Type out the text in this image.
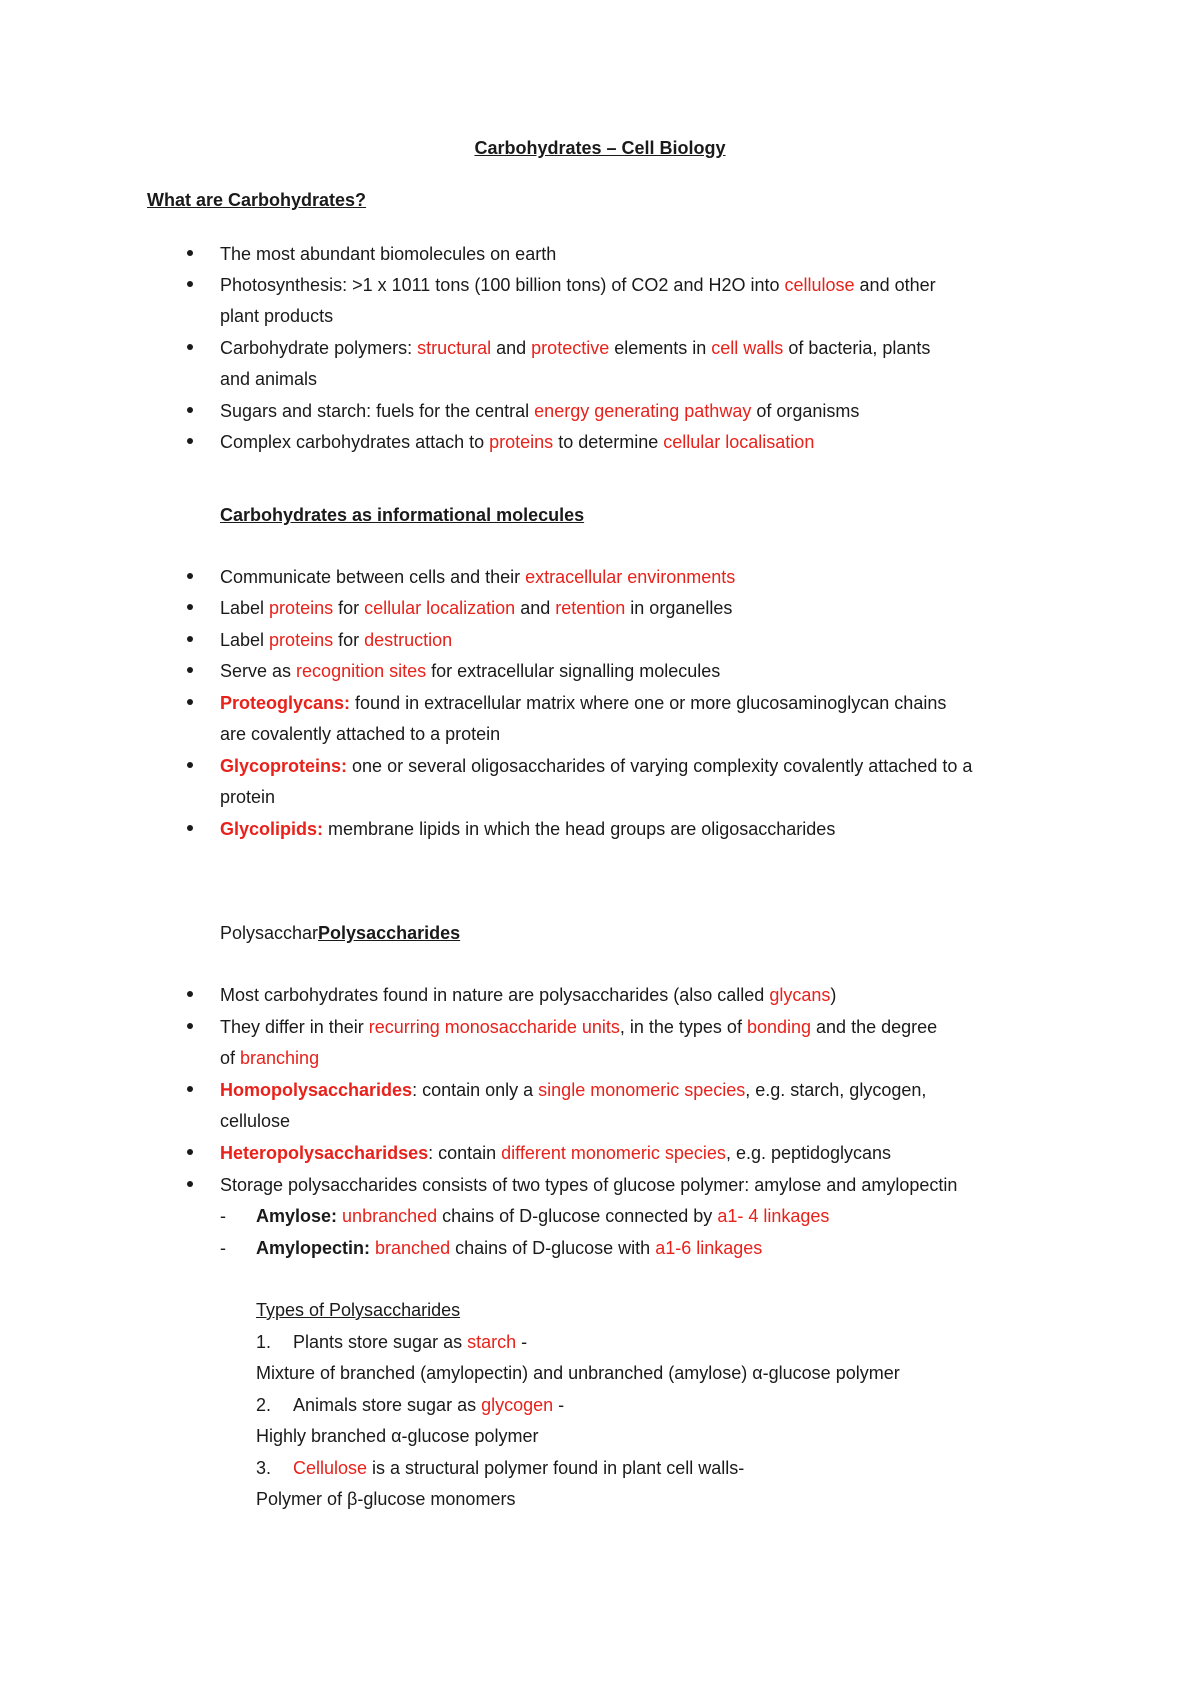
Carbohydrates – Cell Biology
What are Carbohydrates?
The most abundant biomolecules on earth
Photosynthesis: >1 x 1011 tons (100 billion tons) of CO2 and H2O into cellulose and other
plant products
Carbohydrate polymers: structural and protective elements in cell walls of bacteria, plants
and animals
Sugars and starch: fuels for the central energy generating pathway of organisms
Complex carbohydrates attach to proteins to determine cellular localisation
Carbohydrates as informational molecules
Communicate between cells and their extracellular environments
Label proteins for cellular localization and retention in organelles
Label proteins for destruction
Serve as recognition sites for extracellular signalling molecules
Proteoglycans: found in extracellular matrix where one or more glucosaminoglycan chains
are covalently attached to a protein
Glycoproteins: one or several oligosaccharides of varying complexity covalently attached to a
protein
Glycolipids: membrane lipids in which the head groups are oligosaccharides
PolysaccharPolysaccharides
Most carbohydrates found in nature are polysaccharides (also called glycans)
They differ in their recurring monosaccharide units, in the types of bonding and the degree
of branching
Homopolysaccharides: contain only a single monomeric species, e.g. starch, glycogen,
cellulose
Heteropolysaccharidses: contain different monomeric species, e.g. peptidoglycans
Storage polysaccharides consists of two types of glucose polymer: amylose and amylopectin
- Amylose: unbranched chains of D-glucose connected by a1- 4 linkages
- Amylopectin: branched chains of D-glucose with a1-6 linkages
Types of Polysaccharides
1. Plants store sugar as starch -
Mixture of branched (amylopectin) and unbranched (amylose) α-glucose polymer
2. Animals store sugar as glycogen -
Highly branched α-glucose polymer
3. Cellulose is a structural polymer found in plant cell walls-
Polymer of β-glucose monomers
